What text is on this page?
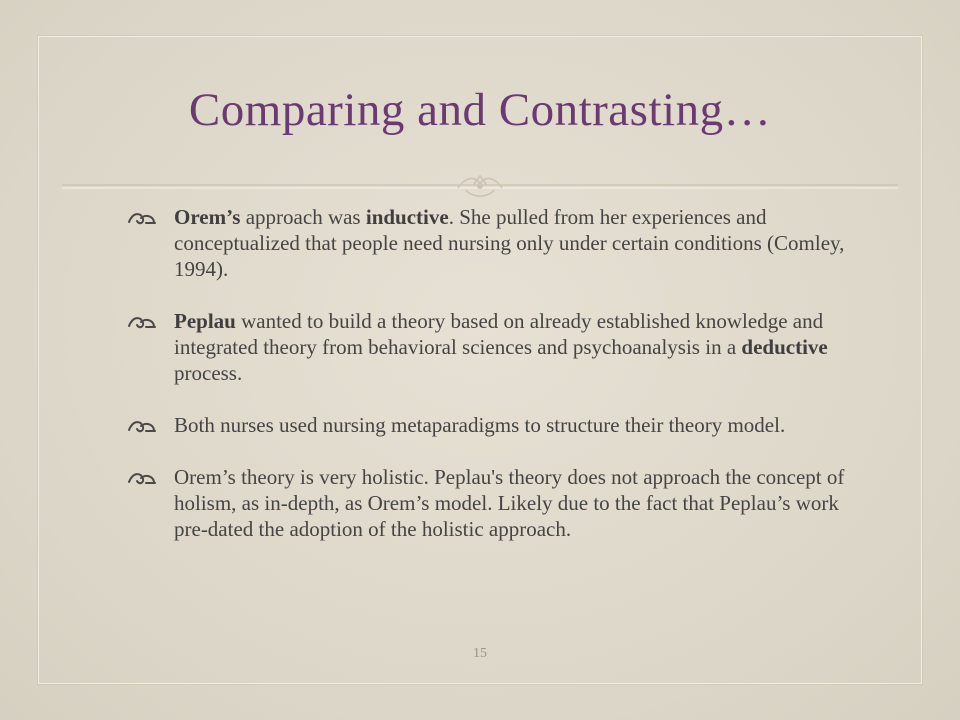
Comparing and Contrasting…
Orem’s approach was inductive. She pulled from her experiences and conceptualized that people need nursing only under certain conditions (Comley, 1994).
Peplau wanted to build a theory based on already established knowledge and integrated theory from behavioral sciences and psychoanalysis in a deductive process.
Both nurses used nursing metaparadigms to structure their theory model.
Orem’s theory is very holistic. Peplau's theory does not approach the concept of holism, as in-depth, as Orem’s model. Likely due to the fact that Peplau’s work pre-dated the adoption of the holistic approach.
15
